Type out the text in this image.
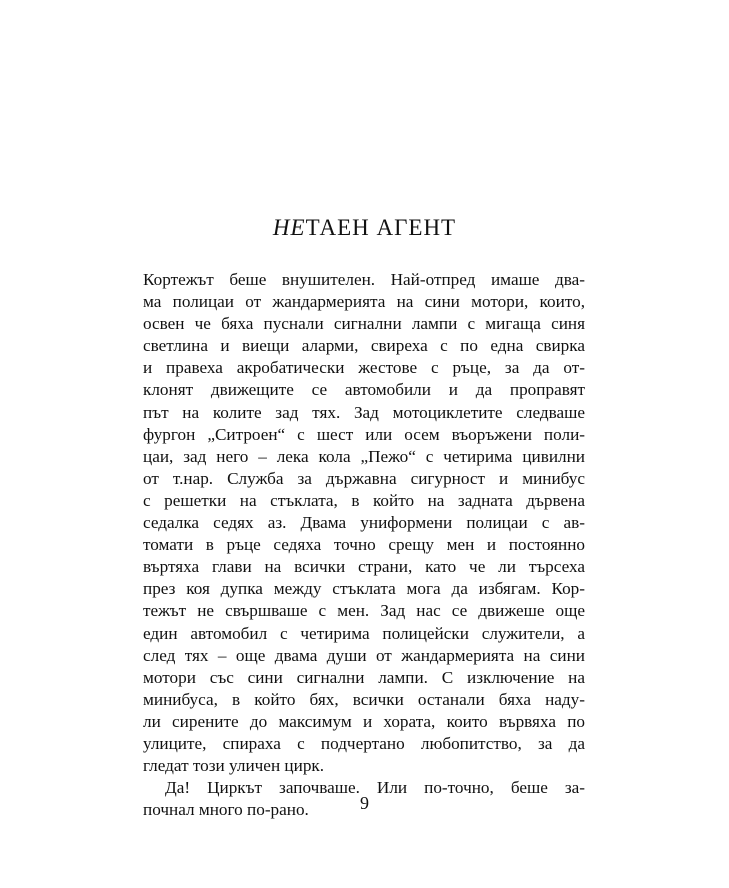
НЕТАЕН АГЕНТ
Кортежът беше внушителен. Най-отпред имаше два-
ма полицаи от жандармерията на сини мотори, които,
освен че бяха пуснали сигнални лампи с мигаща синя
светлина и виещи аларми, свиреха с по една свирка
и правеха акробатически жестове с ръце, за да от-
клонят движещите се автомобили и да проправят
път на колите зад тях. Зад мотоциклетите следваше
фургон „Ситроен“ с шест или осем въоръжени поли-
цаи, зад него – лека кола „Пежо“ с четирима цивилни
от т.нар. Служба за държавна сигурност и минибус
с решетки на стъклата, в който на задната дървена
седалка седях аз. Двама униформени полицаи с ав-
томати в ръце седяха точно срещу мен и постоянно
въртяха глави на всички страни, като че ли търсеха
през коя дупка между стъклата мога да избягам. Кор-
тежът не свършваше с мен. Зад нас се движеше още
един автомобил с четирима полицейски служители, а
след тях – още двама души от жандармерията на сини
мотори със сини сигнални лампи. С изключение на
минибуса, в който бях, всички останали бяха наду-
ли сирените до максимум и хората, които вървяха по
улиците, спираха с подчертано любопитство, за да
гледат този уличен цирк.
Да! Циркът започваше. Или по-точно, беше за-
почнал много по-рано.	9
